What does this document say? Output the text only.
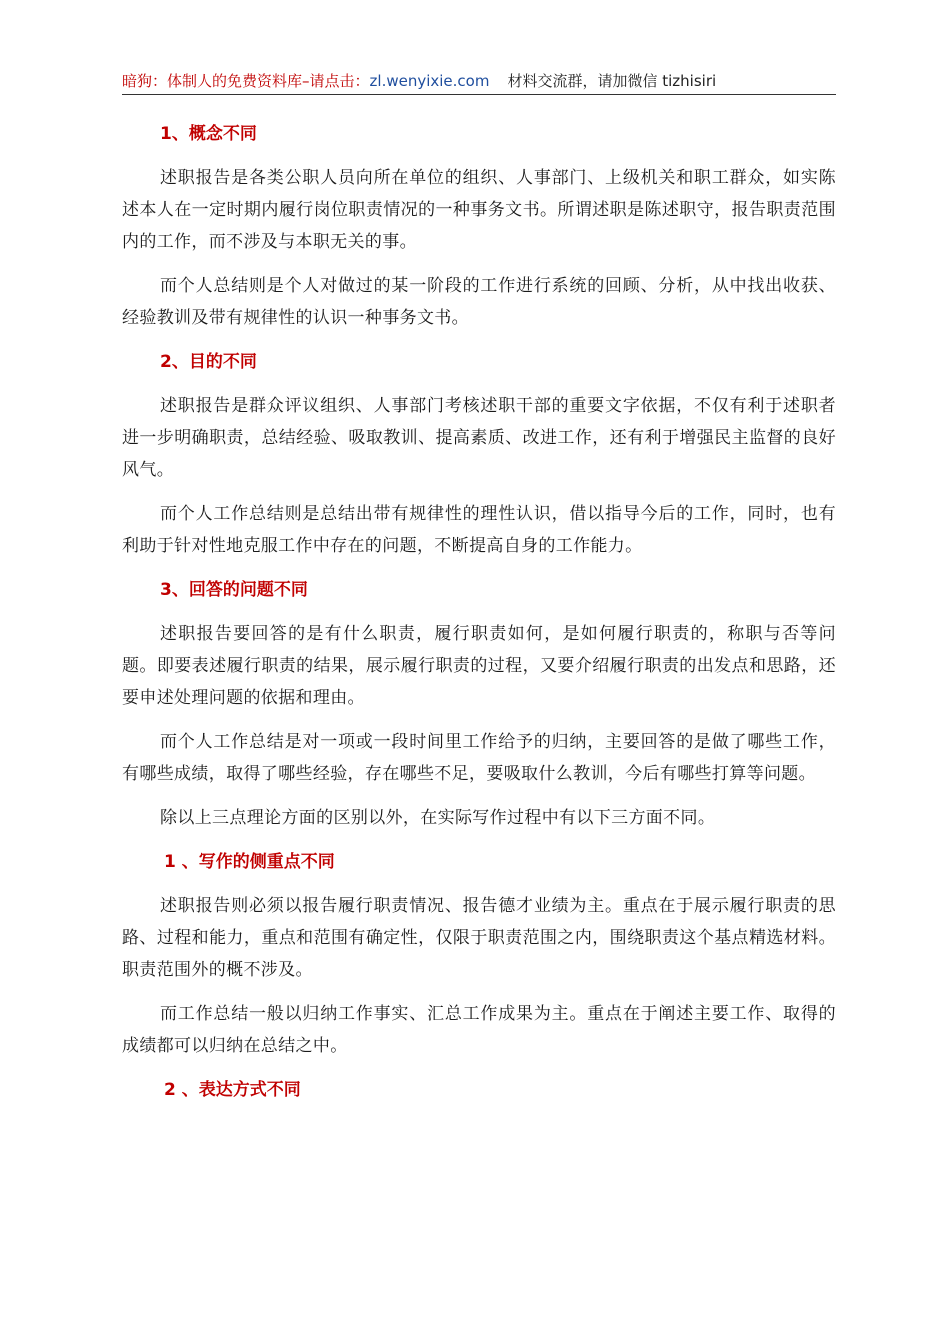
暗狗：体制人的免费资料库–请点击：zl.wenyixie.com 材料交流群，请加微信 tizhisiri
1、概念不同

述职报告是各类公职人员向所在单位的组织、人事部门、上级机关和职工群众，如实陈述本人在一定时期内履行岗位职责情况的一种事务文书。所谓述职是陈述职守，报告职责范围内的工作，而不涉及与本职无关的事。

而个人总结则是个人对做过的某一阶段的工作进行系统的回顾、分析，从中找出收获、经验教训及带有规律性的认识一种事务文书。

2、目的不同

述职报告是群众评议组织、人事部门考核述职干部的重要文字依据，不仅有利于述职者进一步明确职责，总结经验、吸取教训、提高素质、改进工作，还有利于增强民主监督的良好风气。

而个人工作总结则是总结出带有规律性的理性认识，借以指导今后的工作，同时，也有利助于针对性地克服工作中存在的问题，不断提高自身的工作能力。

3、回答的问题不同

述职报告要回答的是有什么职责，履行职责如何，是如何履行职责的，称职与否等问题。即要表述履行职责的结果，展示履行职责的过程，又要介绍履行职责的出发点和思路，还要申述处理问题的依据和理由。

而个人工作总结是对一项或一段时间里工作给予的归纳，主要回答的是做了哪些工作，有哪些成绩，取得了哪些经验，存在哪些不足，要吸取什么教训，今后有哪些打算等问题。

除以上三点理论方面的区别以外，在实际写作过程中有以下三方面不同。

1 、写作的侧重点不同

述职报告则必须以报告履行职责情况、报告德才业绩为主。重点在于展示履行职责的思路、过程和能力，重点和范围有确定性，仅限于职责范围之内，围绕职责这个基点精选材料。职责范围外的概不涉及。

而工作总结一般以归纳工作事实、汇总工作成果为主。重点在于阐述主要工作、取得的成绩都可以归纳在总结之中。

2 、表达方式不同
